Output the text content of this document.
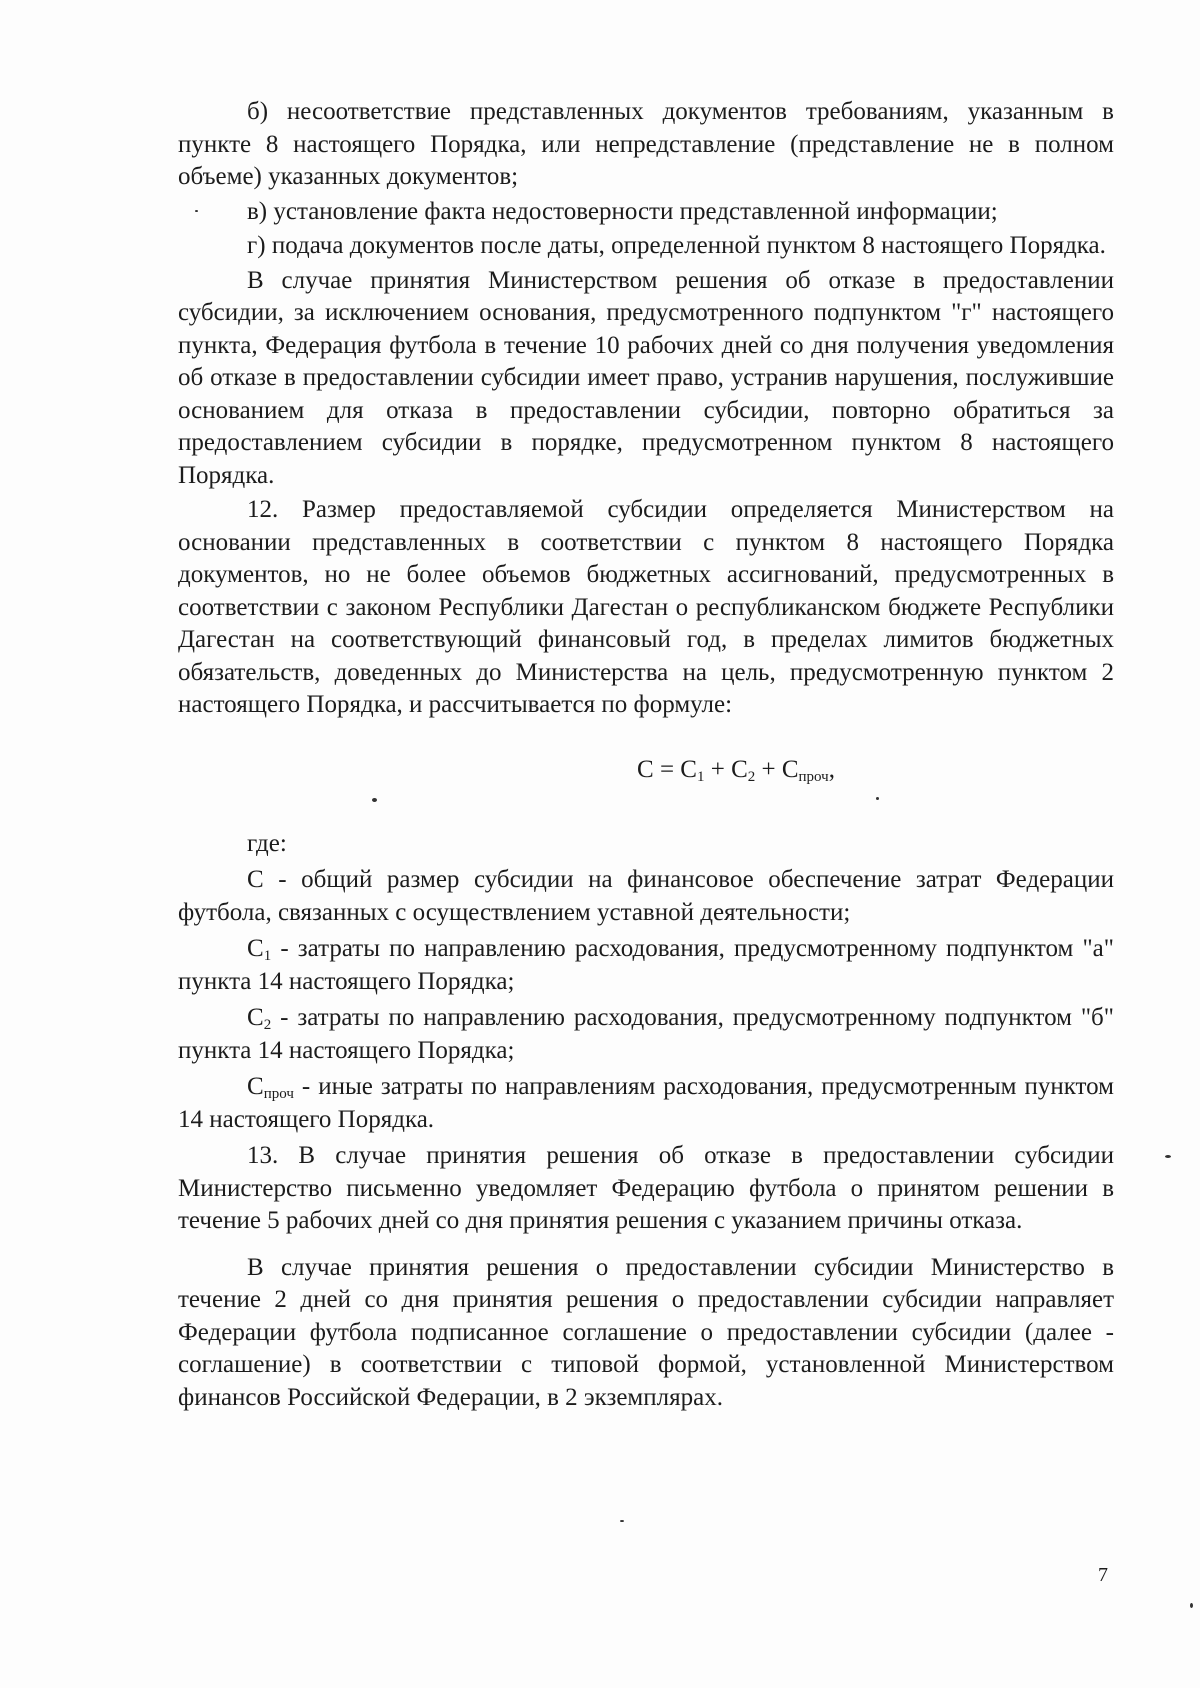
б) несоответствие представленных документов требованиям, указанным в пункте 8 настоящего Порядка, или непредставление (представление не в полном объеме) указанных документов;

в) установление факта недостоверности представленной информации;

г) подача документов после даты, определенной пунктом 8 настоящего Порядка.

В случае принятия Министерством решения об отказе в предоставлении субсидии, за исключением основания, предусмотренного подпунктом "г" настоящего пункта, Федерация футбола в течение 10 рабочих дней со дня получения уведомления об отказе в предоставлении субсидии имеет право, устранив нарушения, послужившие основанием для отказа в предоставлении субсидии, повторно обратиться за предоставлением субсидии в порядке, предусмотренном пунктом 8 настоящего Порядка.

12. Размер предоставляемой субсидии определяется Министерством на основании представленных в соответствии с пунктом 8 настоящего Порядка документов, но не более объемов бюджетных ассигнований, предусмотренных в соответствии с законом Республики Дагестан о республиканском бюджете Республики Дагестан на соответствующий финансовый год, в пределах лимитов бюджетных обязательств, доведенных до Министерства на цель, предусмотренную пунктом 2 настоящего Порядка, и рассчитывается по формуле:

$С = С_1 + С_2 + С_{проч}$,

где:

С - общий размер субсидии на финансовое обеспечение затрат Федерации футбола, связанных с осуществлением уставной деятельности;

$С_1$ - затраты по направлению расходования, предусмотренному подпунктом "а" пункта 14 настоящего Порядка;

$С_2$ - затраты по направлению расходования, предусмотренному подпунктом "б" пункта 14 настоящего Порядка;

$С_{проч}$ - иные затраты по направлениям расходования, предусмотренным пунктом 14 настоящего Порядка.

13. В случае принятия решения об отказе в предоставлении субсидии Министерство письменно уведомляет Федерацию футбола о принятом решении в течение 5 рабочих дней со дня принятия решения с указанием причины отказа.

В случае принятия решения о предоставлении субсидии Министерство в течение 2 дней со дня принятия решения о предоставлении субсидии направляет Федерации футбола подписанное соглашение о предоставлении субсидии (далее - соглашение) в соответствии с типовой формой, установленной Министерством финансов Российской Федерации, в 2 экземплярах.

7
